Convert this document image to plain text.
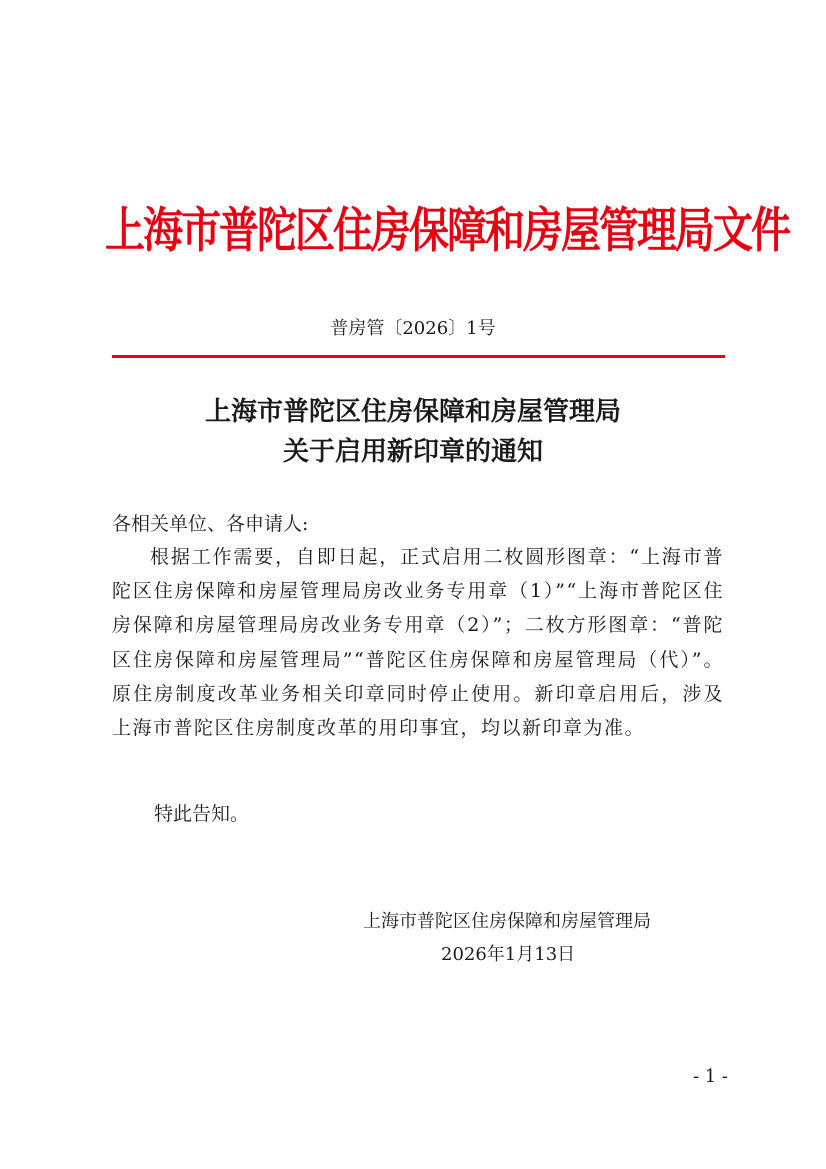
上海市普陀区住房保障和房屋管理局文件
普房管〔2026〕1号
上海市普陀区住房保障和房屋管理局
关于启用新印章的通知
各相关单位、各申请人:

根据工作需要，自即日起，正式启用二枚圆形图章：“上海市普陀区住房保障和房屋管理局房改业务专用章（1）”“上海市普陀区住房保障和房屋管理局房改业务专用章（2）”；二枚方形图章：“普陀区住房保障和房屋管理局”“普陀区住房保障和房屋管理局（代）”。原住房制度改革业务相关印章同时停止使用。新印章启用后，涉及上海市普陀区住房制度改革的用印事宜，均以新印章为准。

特此告知。
上海市普陀区住房保障和房屋管理局
2026年1月13日
- 1 -
